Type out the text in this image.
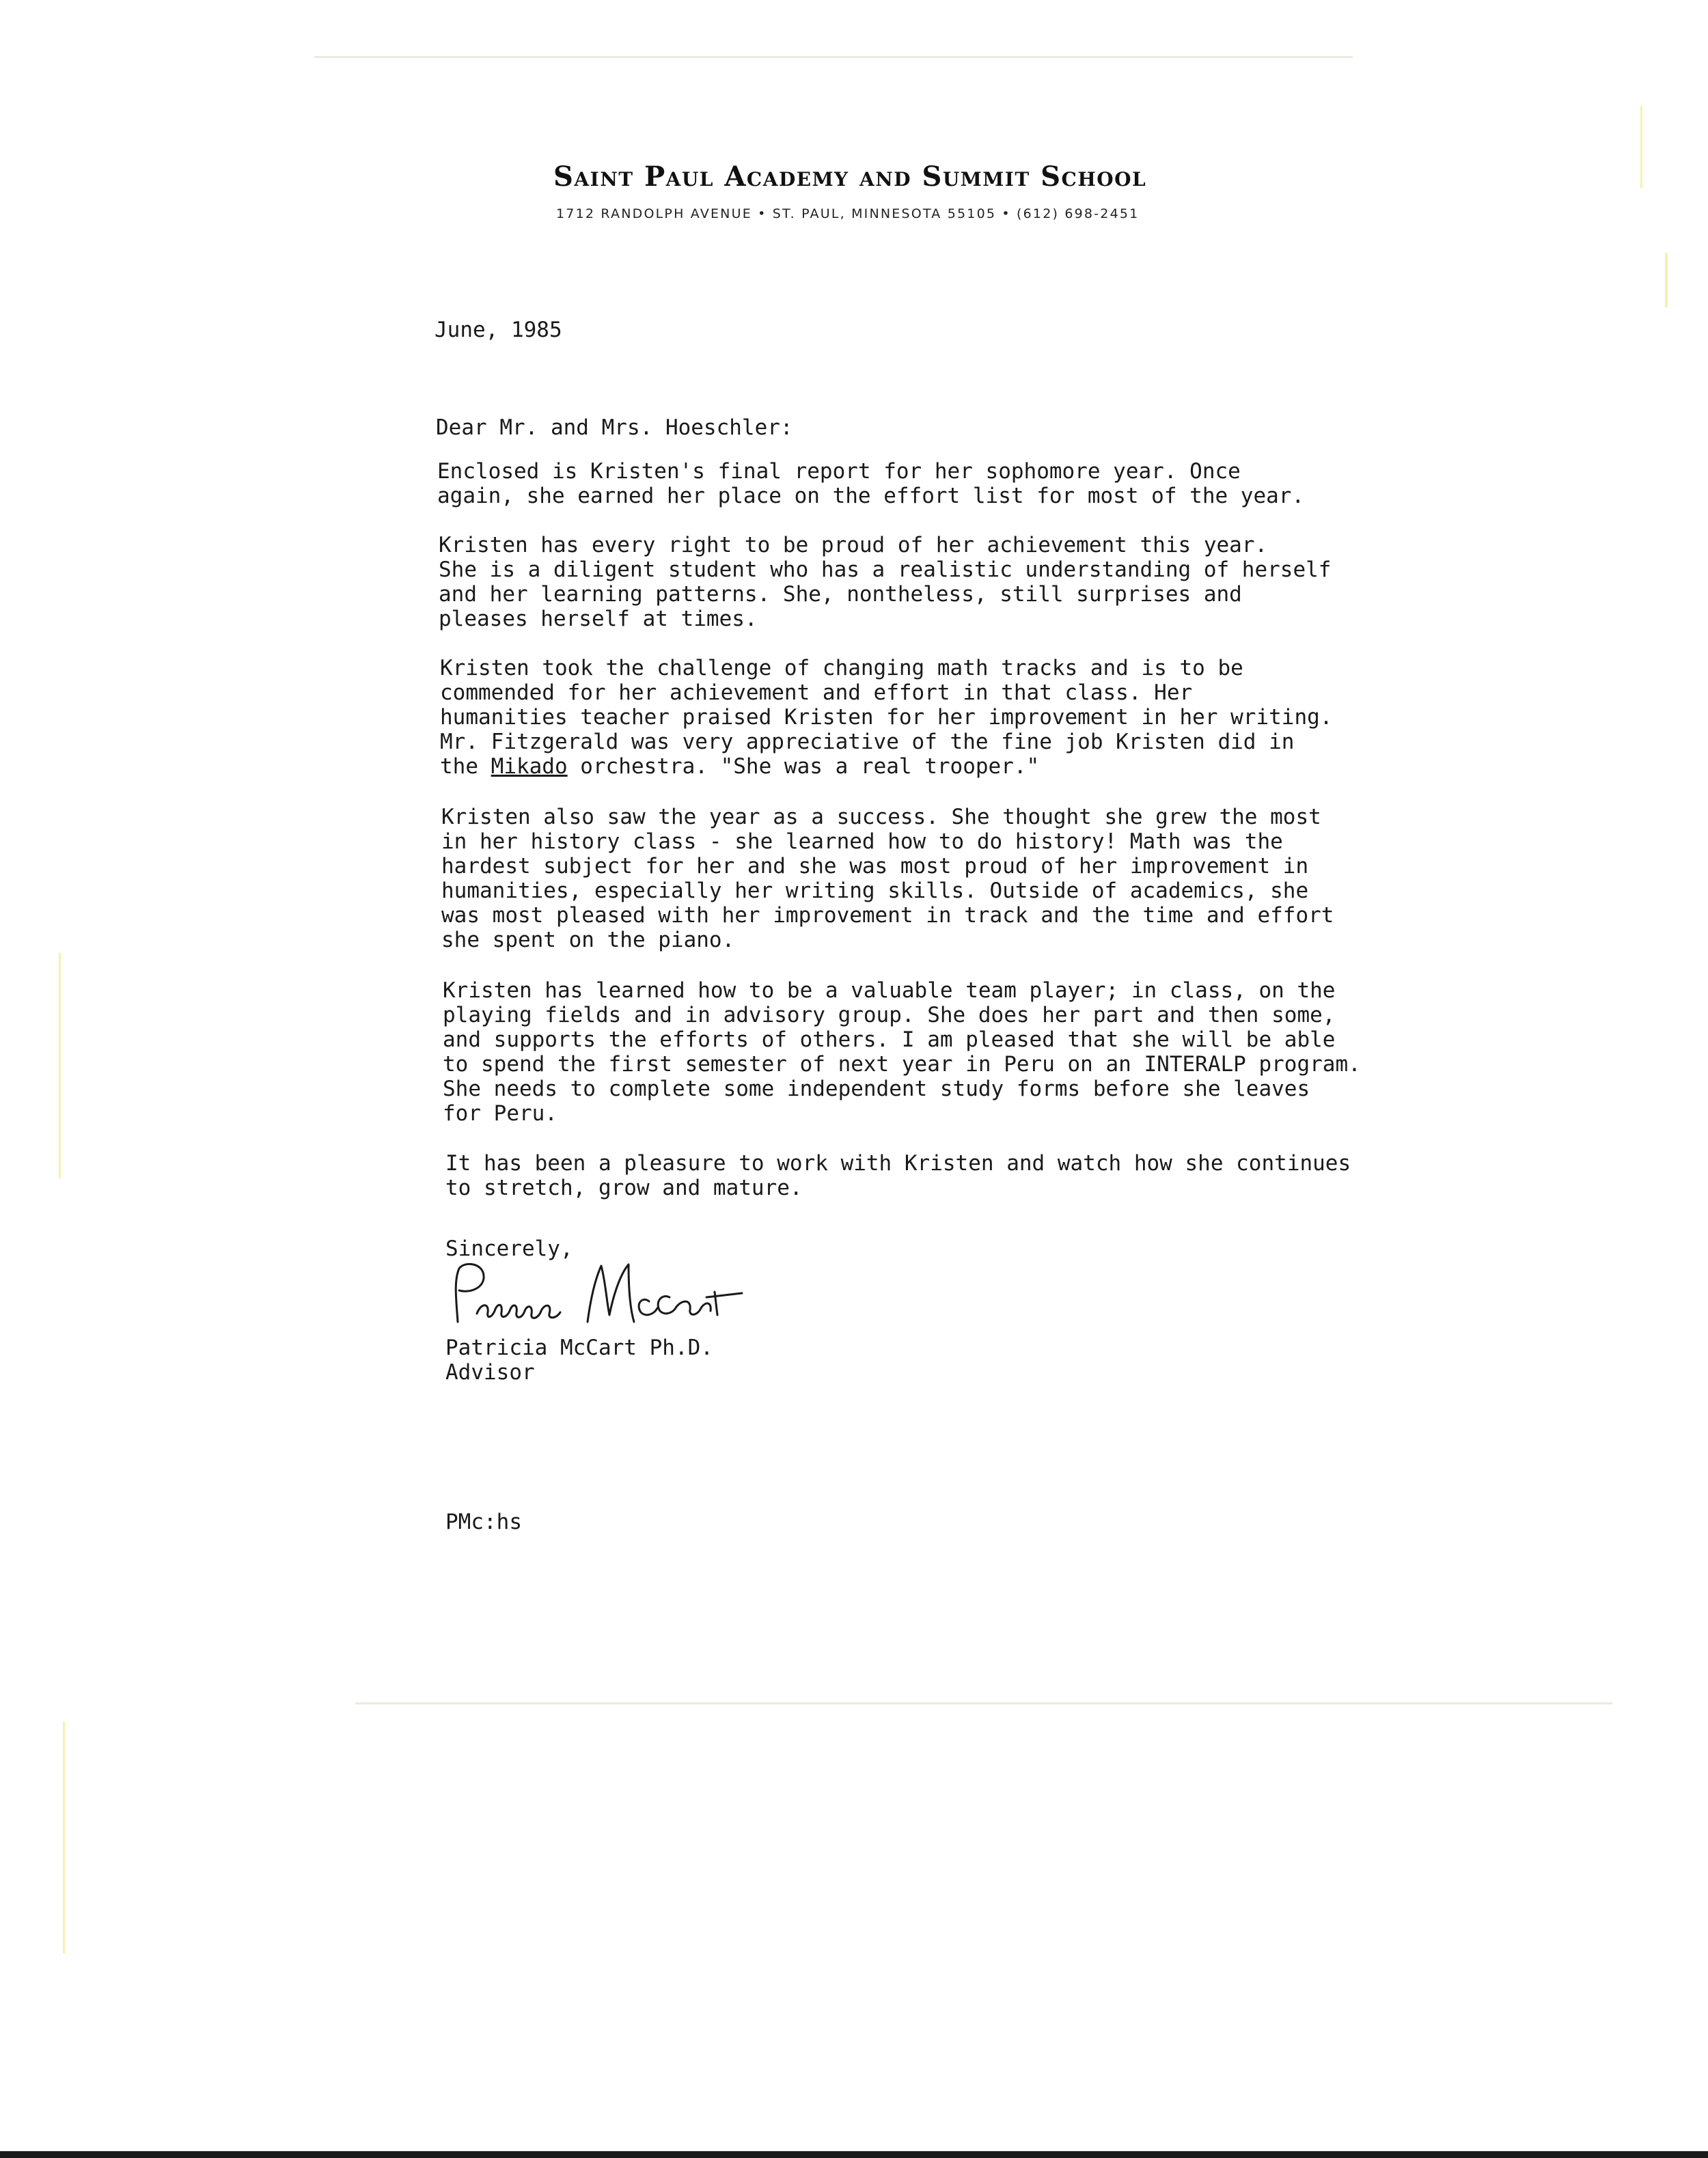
Saint Paul Academy and Summit School
1712 RANDOLPH AVENUE • ST. PAUL, MINNESOTA 55105 • (612) 698-2451
June, 1985
Dear Mr. and Mrs. Hoeschler:
Enclosed is Kristen's final report for her sophomore year. Once
again, she earned her place on the effort list for most of the year.
Kristen has every right to be proud of her achievement this year.
She is a diligent student who has a realistic understanding of herself
and her learning patterns. She, nontheless, still surprises and
pleases herself at times.
Kristen took the challenge of changing math tracks and is to be
commended for her achievement and effort in that class. Her
humanities teacher praised Kristen for her improvement in her writing.
Mr. Fitzgerald was very appreciative of the fine job Kristen did in
the Mikado orchestra. "She was a real trooper."
Kristen also saw the year as a success. She thought she grew the most
in her history class - she learned how to do history! Math was the
hardest subject for her and she was most proud of her improvement in
humanities, especially her writing skills. Outside of academics, she
was most pleased with her improvement in track and the time and effort
she spent on the piano.
Kristen has learned how to be a valuable team player; in class, on the
playing fields and in advisory group. She does her part and then some,
and supports the efforts of others. I am pleased that she will be able
to spend the first semester of next year in Peru on an INTERALP program.
She needs to complete some independent study forms before she leaves
for Peru.
It has been a pleasure to work with Kristen and watch how she continues
to stretch, grow and mature.
Sincerely,
Patricia McCart Ph.D.
Advisor
PMc:hs
